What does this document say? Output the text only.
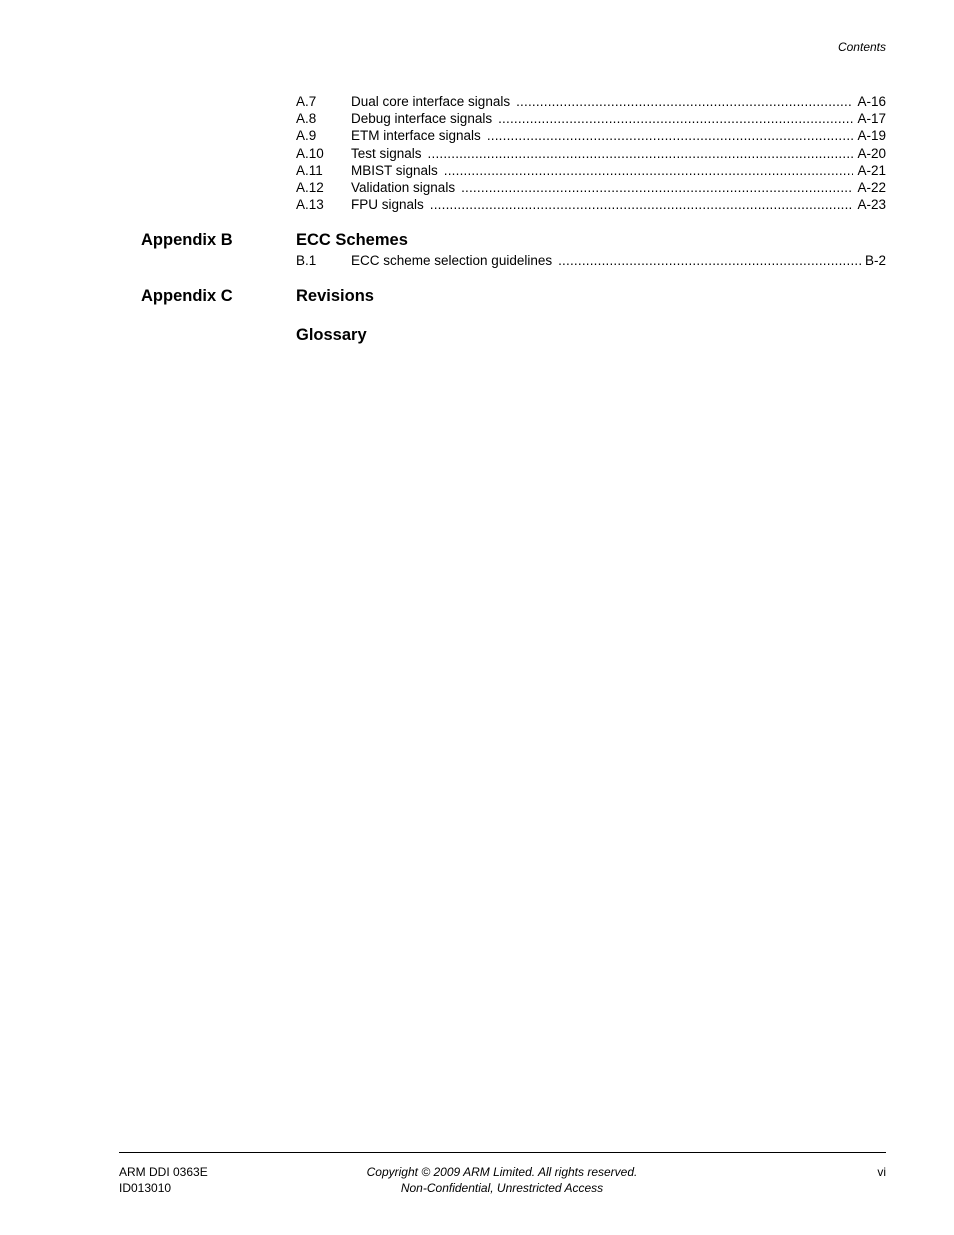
Contents
A.7	Dual core interface signals .....	A-16
A.8	Debug interface signals .....	A-17
A.9	ETM interface signals .....	A-19
A.10	Test signals .....	A-20
A.11	MBIST signals .....	A-21
A.12	Validation signals .....	A-22
A.13	FPU signals .....	A-23
Appendix B	ECC Schemes
B.1	ECC scheme selection guidelines .....	B-2
Appendix C	Revisions
Glossary
ARM DDI 0363E
ID013010
Copyright © 2009 ARM Limited. All rights reserved.
Non-Confidential, Unrestricted Access
vi
